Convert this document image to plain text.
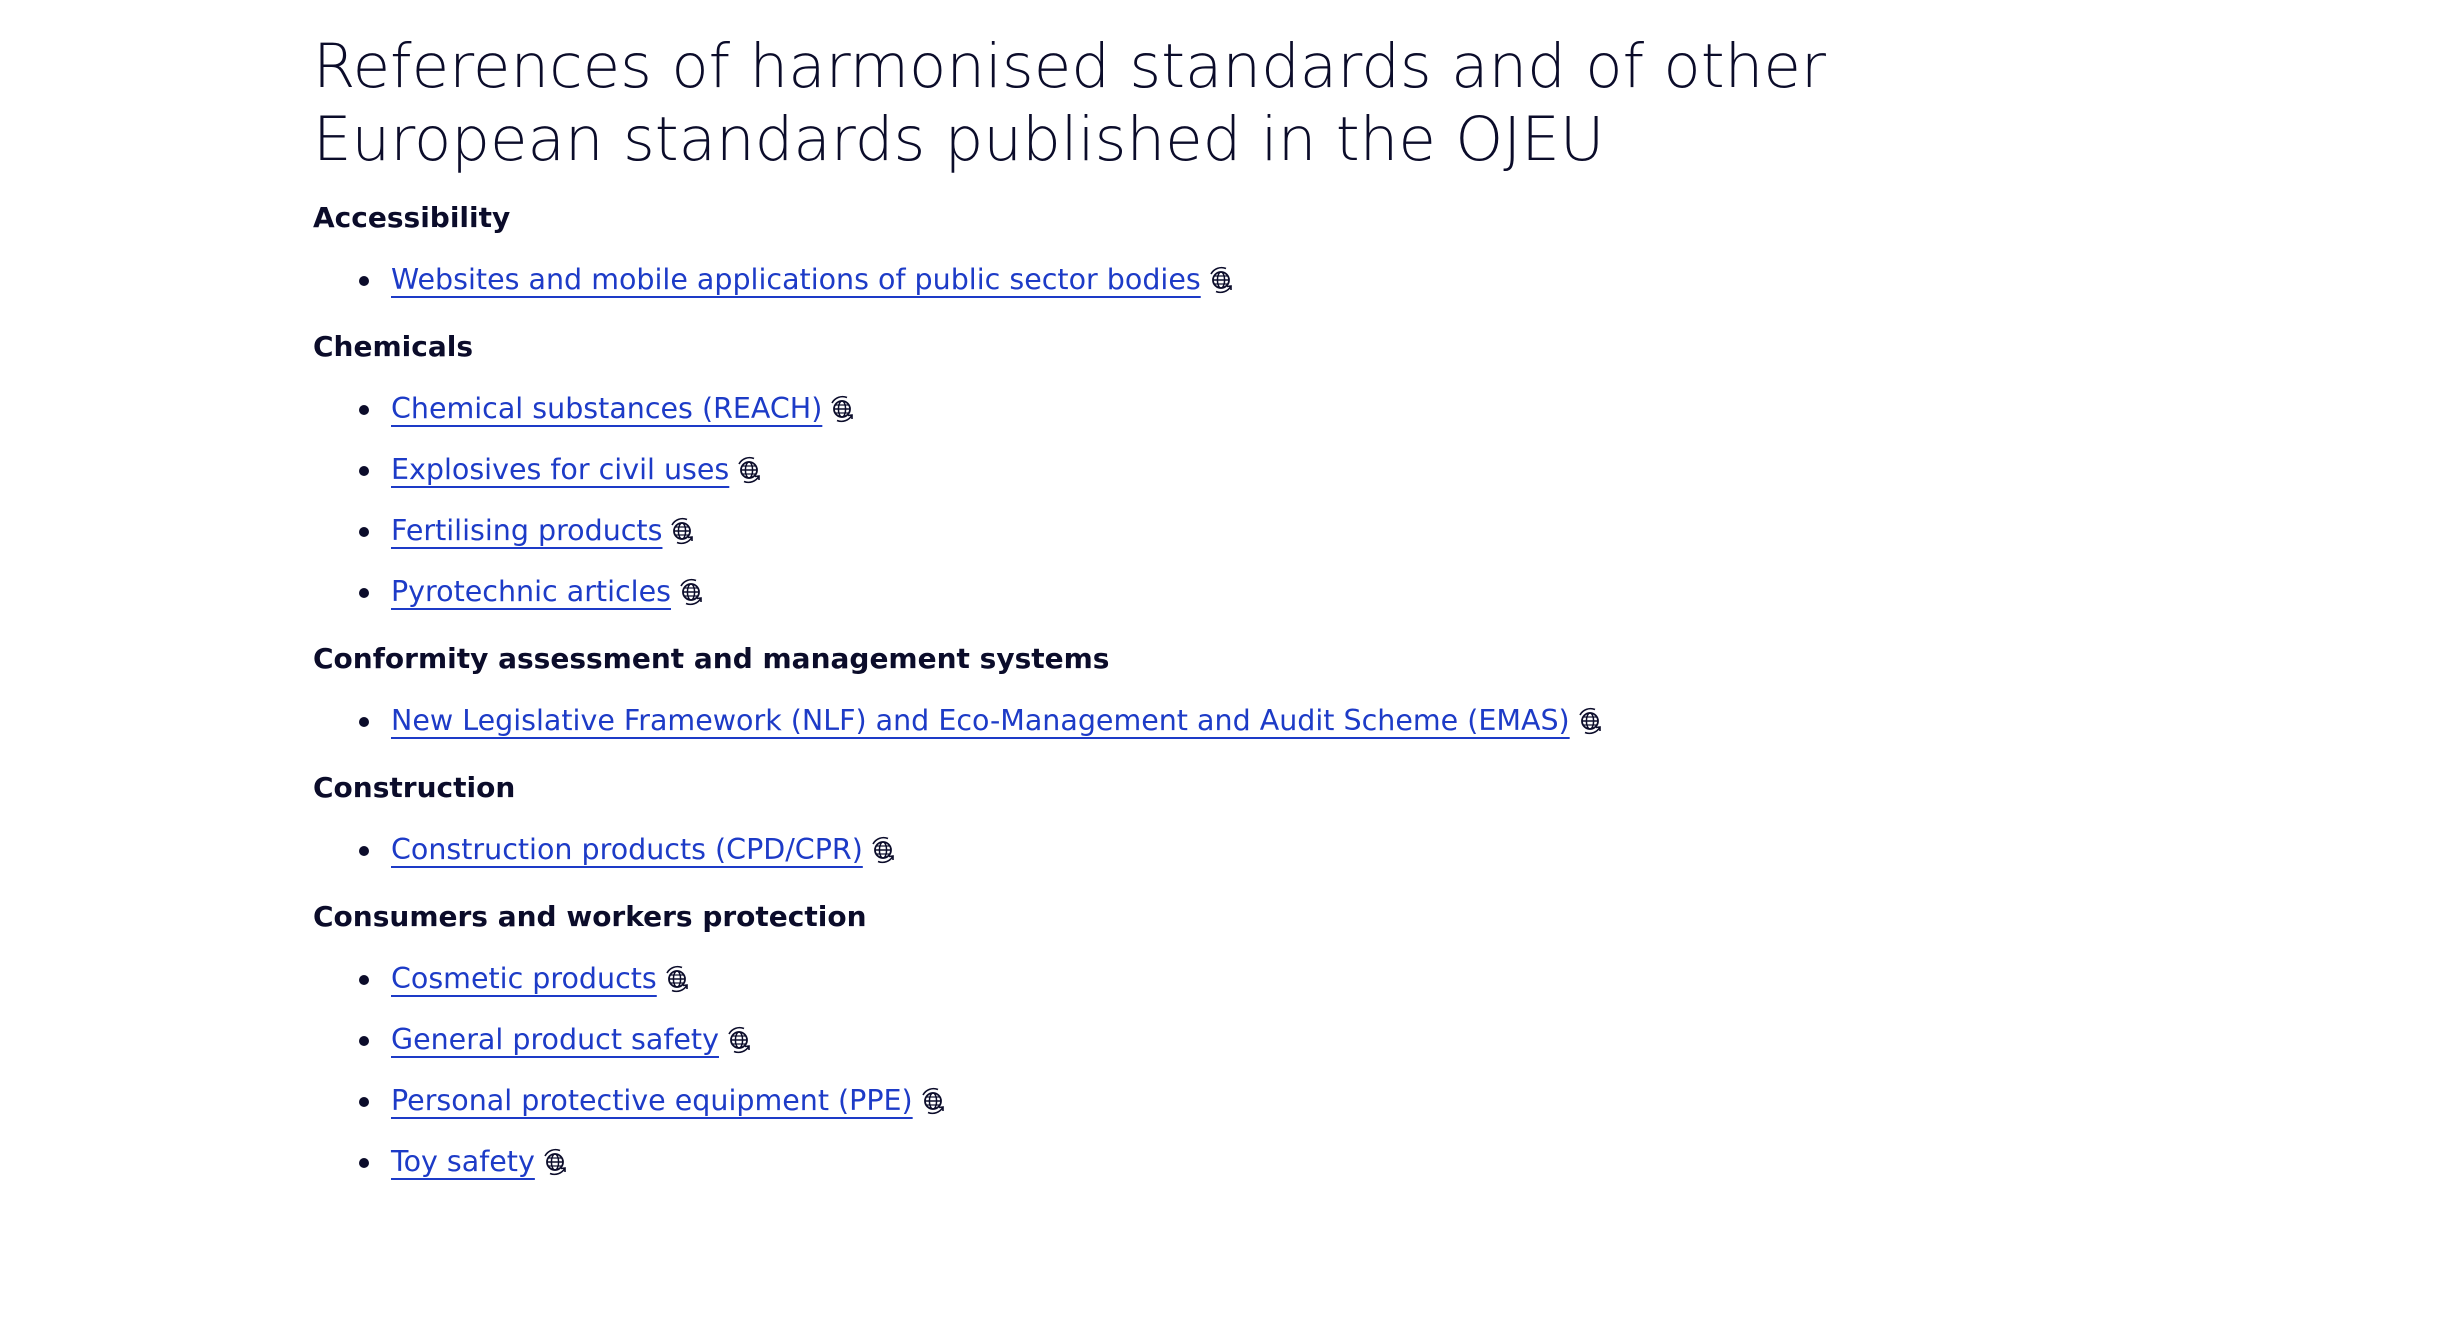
References of harmonised standards and of other European standards published in the OJEU
Accessibility
Websites and mobile applications of public sector bodies
Chemicals
Chemical substances (REACH)
Explosives for civil uses
Fertilising products
Pyrotechnic articles
Conformity assessment and management systems
New Legislative Framework (NLF) and Eco-Management and Audit Scheme (EMAS)
Construction
Construction products (CPD/CPR)
Consumers and workers protection
Cosmetic products
General product safety
Personal protective equipment (PPE)
Toy safety
